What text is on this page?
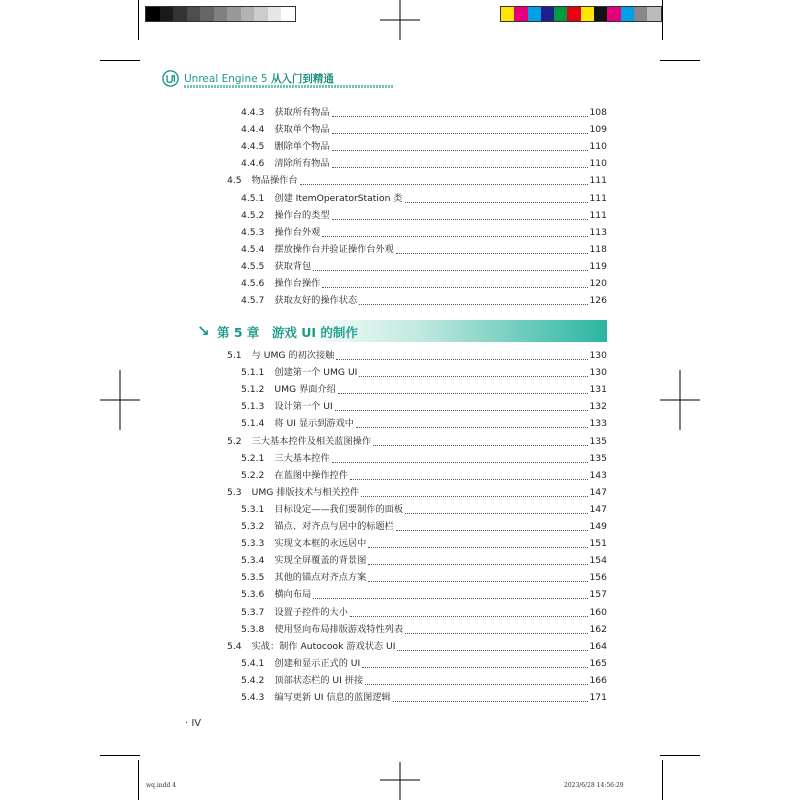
Unreal Engine 5 从入门到精通
4.4.3 获取所有物品	108
4.4.4 获取单个物品	109
4.4.5 删除单个物品	110
4.4.6 清除所有物品	110
4.5 物品操作台	111
4.5.1 创建 ItemOperatorStation 类	111
4.5.2 操作台的类型	111
4.5.3 操作台外观	113
4.5.4 摆放操作台并验证操作台外观	118
4.5.5 获取背包	119
4.5.6 操作台操作	120
4.5.7 获取友好的操作状态	126
5.1 与 UMG 的初次接触	130
5.1.1 创建第一个 UMG UI	130
5.1.2 UMG 界面介绍	131
5.1.3 设计第一个 UI	132
5.1.4 将 UI 显示到游戏中	133
5.2 三大基本控件及相关蓝图操作	135
5.2.1 三大基本控件	135
5.2.2 在蓝图中操作控件	143
5.3 UMG 排版技术与相关控件	147
5.3.1 目标设定——我们要制作的面板	147
5.3.2 锚点、对齐点与居中的标题栏	149
5.3.3 实现文本框的永远居中	151
5.3.4 实现全屏覆盖的背景图	154
5.3.5 其他的锚点对齐点方案	156
5.3.6 横向布局	157
5.3.7 设置子控件的大小	160
5.3.8 使用竖向布局排版游戏特性列表	162
5.4 实战：制作 Autocook 游戏状态 UI	164
5.4.1 创建和显示正式的 UI	165
5.4.2 顶部状态栏的 UI 拼接	166
5.4.3 编写更新 UI 信息的蓝图逻辑	171
↘ 第 5 章　游戏 UI 的制作
· IV
wq.indd 4	2023/6/28 14:56:29
